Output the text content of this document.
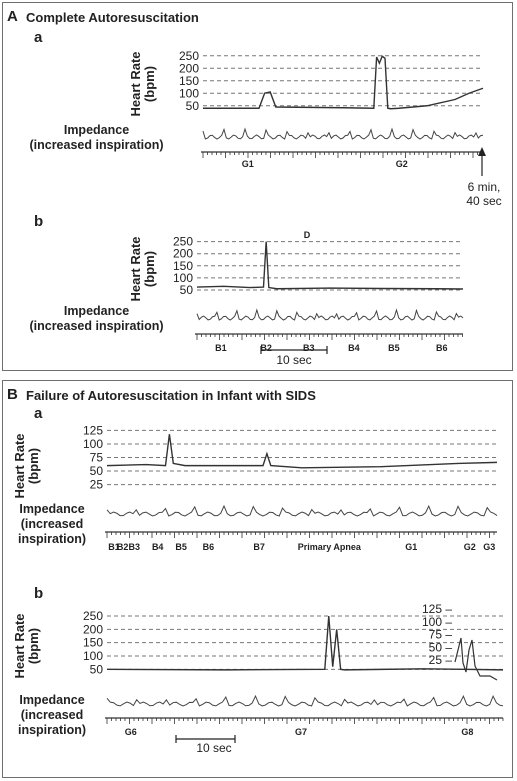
A Complete Autoresuscitation
a
Heart Rate
(bpm)
Impedance
(increased inspiration)
6 min,
40 sec
b
Heart Rate
(bpm)
Impedance
(increased inspiration)
B Failure of Autoresuscitation in Infant with SIDS
a
Heart Rate
(bpm)
Impedance
(increased
inspiration)
b
Heart Rate
(bpm)
Impedance
(increased
inspiration)
50
100
150
200
250
50
100
150
200
250
25
50
75
100
125
50
100
150
200
250
G1	G2
B1	B2	B3	B4	B5	B6
B1
B2 B3 B4 B5 B6	B7	Primary Apnea	G1	G2 G3
G6	G7	G8
D
10 sec
10 sec
125 –
100 –
75 –
50 –
25 –
